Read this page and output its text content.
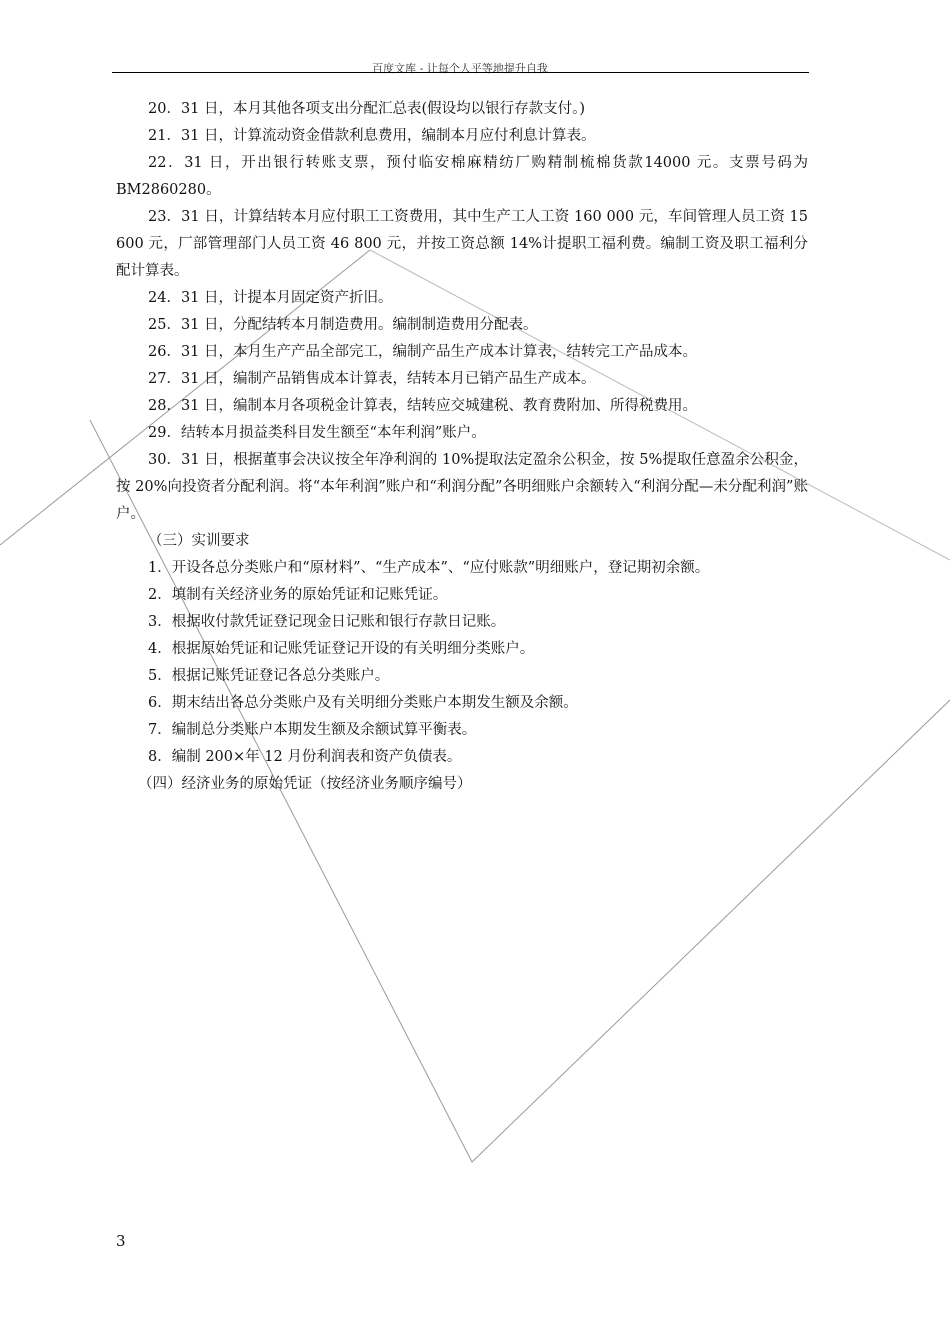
百度文库 - 让每个人平等地提升自我

20．31 日，本月其他各项支出分配汇总表(假设均以银行存款支付。)

21．31 日，计算流动资金借款利息费用，编制本月应付利息计算表。

22．31 日，开出银行转账支票，预付临安棉麻精纺厂购精制梳棉货款14000 元。支票号码为 BM2860280。

23．31 日，计算结转本月应付职工工资费用，其中生产工人工资 160 000 元，车间管理人员工资 15 600 元，厂部管理部门人员工资 46 800 元，并按工资总额 14%计提职工福利费。编制工资及职工福利分配计算表。

24．31 日，计提本月固定资产折旧。

25．31 日，分配结转本月制造费用。编制制造费用分配表。

26．31 日，本月生产产品全部完工，编制产品生产成本计算表，结转完工产品成本。

27．31 日，编制产品销售成本计算表，结转本月已销产品生产成本。

28．31 日，编制本月各项税金计算表，结转应交城建税、教育费附加、所得税费用。

29．结转本月损益类科目发生额至“本年利润”账户。

30．31 日，根据董事会决议按全年净利润的 10%提取法定盈余公积金，按 5%提取任意盈余公积金，按 20%向投资者分配利润。将“本年利润”账户和“利润分配”各明细账户余额转入“利润分配—未分配利润”账户。

（三）实训要求

1．开设各总分类账户和“原材料”、“生产成本”、“应付账款”明细账户，登记期初余额。

2．填制有关经济业务的原始凭证和记账凭证。

3．根据收付款凭证登记现金日记账和银行存款日记账。

4．根据原始凭证和记账凭证登记开设的有关明细分类账户。

5．根据记账凭证登记各总分类账户。

6．期末结出各总分类账户及有关明细分类账户本期发生额及余额。

7．编制总分类账户本期发生额及余额试算平衡表。

8．编制 200×年 12 月份利润表和资产负债表。

（四）经济业务的原始凭证（按经济业务顺序编号）

3
